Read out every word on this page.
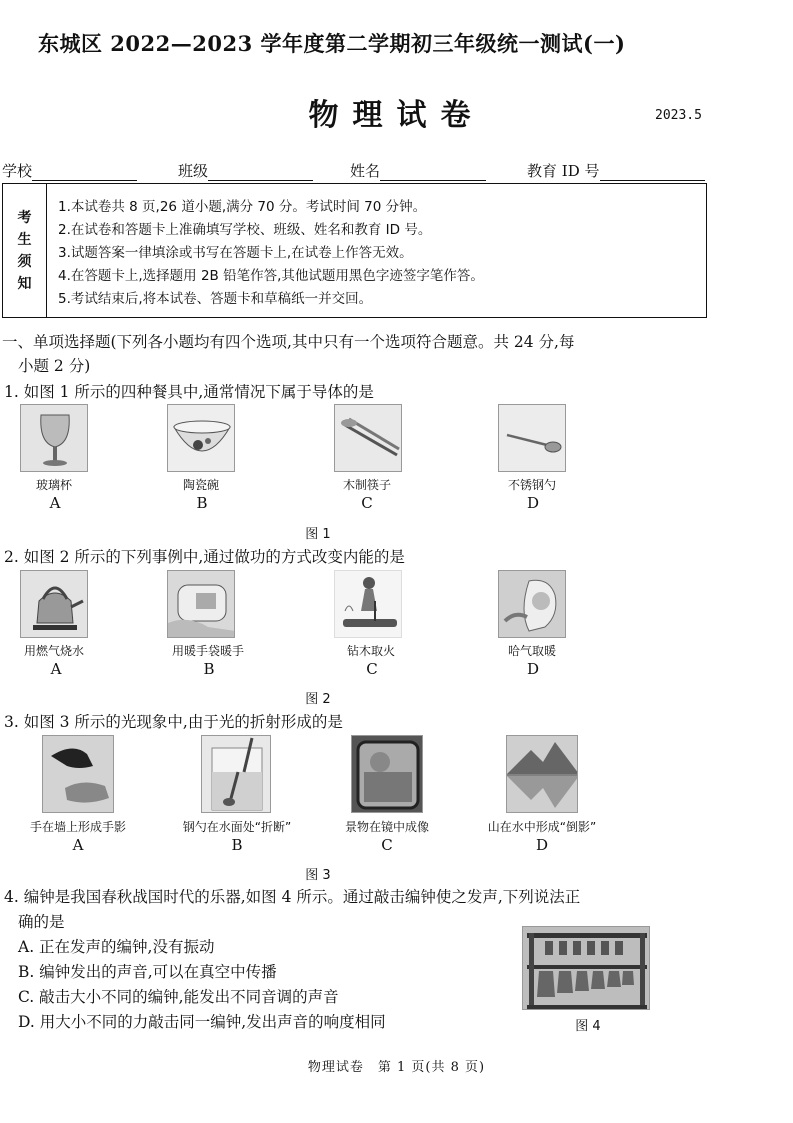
东城区 2022—2023 学年度第二学期初三年级统一测试(一)
物理试卷	2023.5
学校	班级	姓名	教育 ID 号
考
生
须
知
1.本试卷共 8 页,26 道小题,满分 70 分。考试时间 70 分钟。
2.在试卷和答题卡上准确填写学校、班级、姓名和教育 ID 号。
3.试题答案一律填涂或书写在答题卡上,在试卷上作答无效。
4.在答题卡上,选择题用 2B 铅笔作答,其他试题用黑色字迹签字笔作答。
5.考试结束后,将本试卷、答题卡和草稿纸一并交回。
一、单项选择题(下列各小题均有四个选项,其中只有一个选项符合题意。共 24 分,每
小题 2 分)
1. 如图 1 所示的四种餐具中,通常情况下属于导体的是
玻璃杯	陶瓷碗	木制筷子	不锈钢勺
A	B	C	D
图 1
2. 如图 2 所示的下列事例中,通过做功的方式改变内能的是
用燃气烧水	用暖手袋暖手	钻木取火	哈气取暖
A	B	C	D
图 2
3. 如图 3 所示的光现象中,由于光的折射形成的是
手在墙上形成手影	钢勺在水面处“折断”	景物在镜中成像	山在水中形成“倒影”
A	B	C	D
图 3
4. 编钟是我国春秋战国时代的乐器,如图 4 所示。通过敲击编钟使之发声,下列说法正
确的是
A. 正在发声的编钟,没有振动
B. 编钟发出的声音,可以在真空中传播
C. 敲击大小不同的编钟,能发出不同音调的声音
D. 用大小不同的力敲击同一编钟,发出声音的响度相同	图 4
物理试卷　第 1 页(共 8 页)
